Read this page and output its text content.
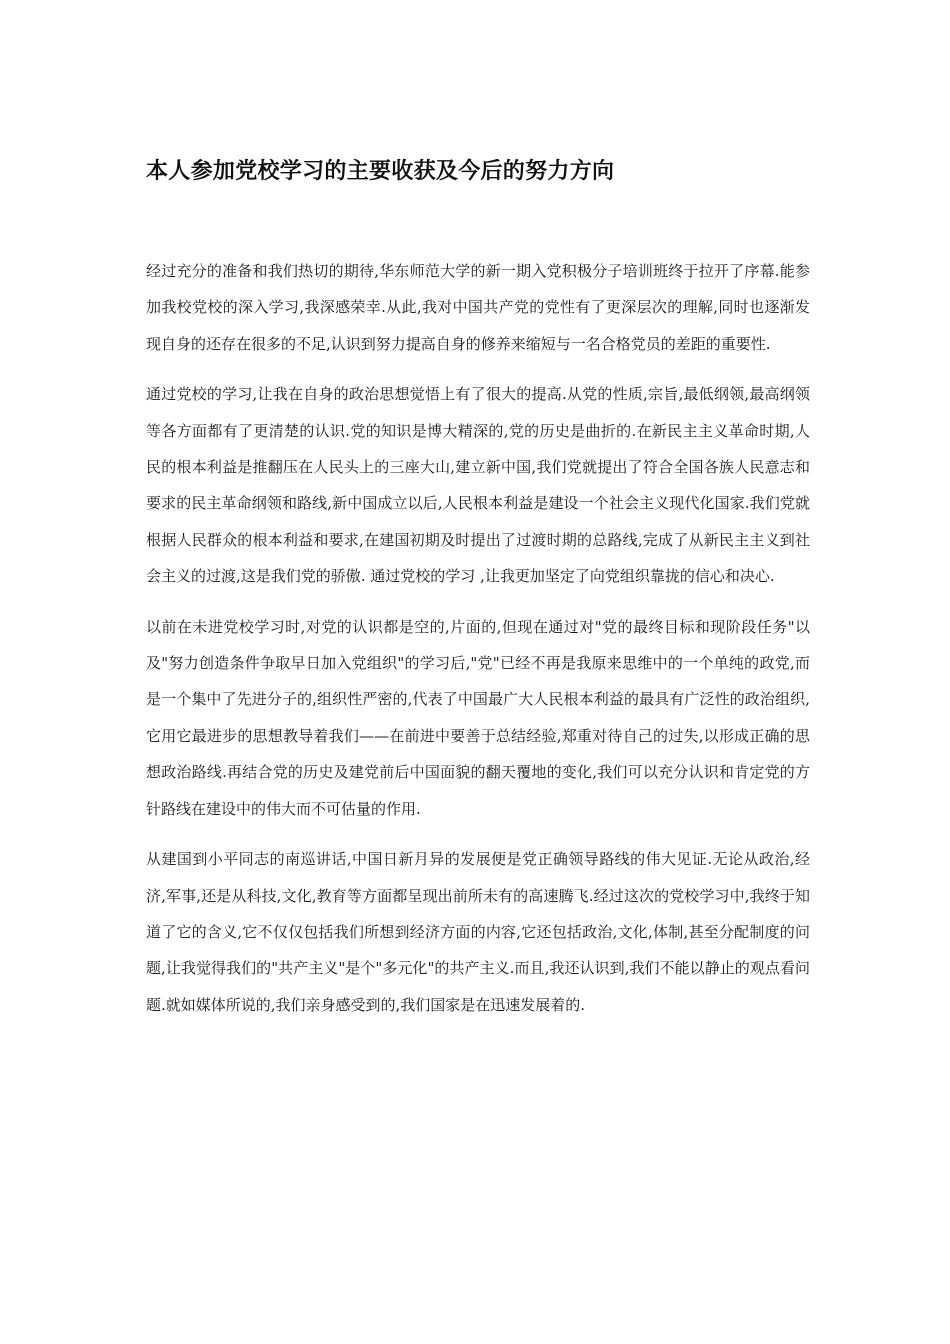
本人参加党校学习的主要收获及今后的努力方向

经过充分的准备和我们热切的期待,华东师范大学的新一期入党积极分子培训班终于拉开了序幕.能参加我校党校的深入学习,我深感荣幸.从此,我对中国共产党的党性有了更深层次的理解,同时也逐渐发现自身的还存在很多的不足,认识到努力提高自身的修养来缩短与一名合格党员的差距的重要性.

通过党校的学习,让我在自身的政治思想觉悟上有了很大的提高.从党的性质,宗旨,最低纲领,最高纲领等各方面都有了更清楚的认识.党的知识是博大精深的,党的历史是曲折的.在新民主主义革命时期,人民的根本利益是推翻压在人民头上的三座大山,建立新中国,我们党就提出了符合全国各族人民意志和要求的民主革命纲领和路线,新中国成立以后,人民根本利益是建设一个社会主义现代化国家.我们党就根据人民群众的根本利益和要求,在建国初期及时提出了过渡时期的总路线,完成了从新民主主义到社会主义的过渡,这是我们党的骄傲. 通过党校的学习 ,让我更加坚定了向党组织靠拢的信心和决心.

以前在未进党校学习时,对党的认识都是空的,片面的,但现在通过对"党的最终目标和现阶段任务"以及"努力创造条件争取早日加入党组织"的学习后,"党"已经不再是我原来思维中的一个单纯的政党,而是一个集中了先进分子的,组织性严密的,代表了中国最广大人民根本利益的最具有广泛性的政治组织,它用它最进步的思想教导着我们——在前进中要善于总结经验,郑重对待自己的过失,以形成正确的思想政治路线.再结合党的历史及建党前后中国面貌的翻天覆地的变化,我们可以充分认识和肯定党的方针路线在建设中的伟大而不可估量的作用.

从建国到小平同志的南巡讲话,中国日新月异的发展便是党正确领导路线的伟大见证.无论从政治,经济,军事,还是从科技,文化,教育等方面都呈现出前所未有的高速腾飞.经过这次的党校学习中,我终于知道了它的含义,它不仅仅包括我们所想到经济方面的内容,它还包括政治,文化,体制,甚至分配制度的问题,让我觉得我们的"共产主义"是个"多元化"的共产主义.而且,我还认识到,我们不能以静止的观点看问题.就如媒体所说的,我们亲身感受到的,我们国家是在迅速发展着的.
